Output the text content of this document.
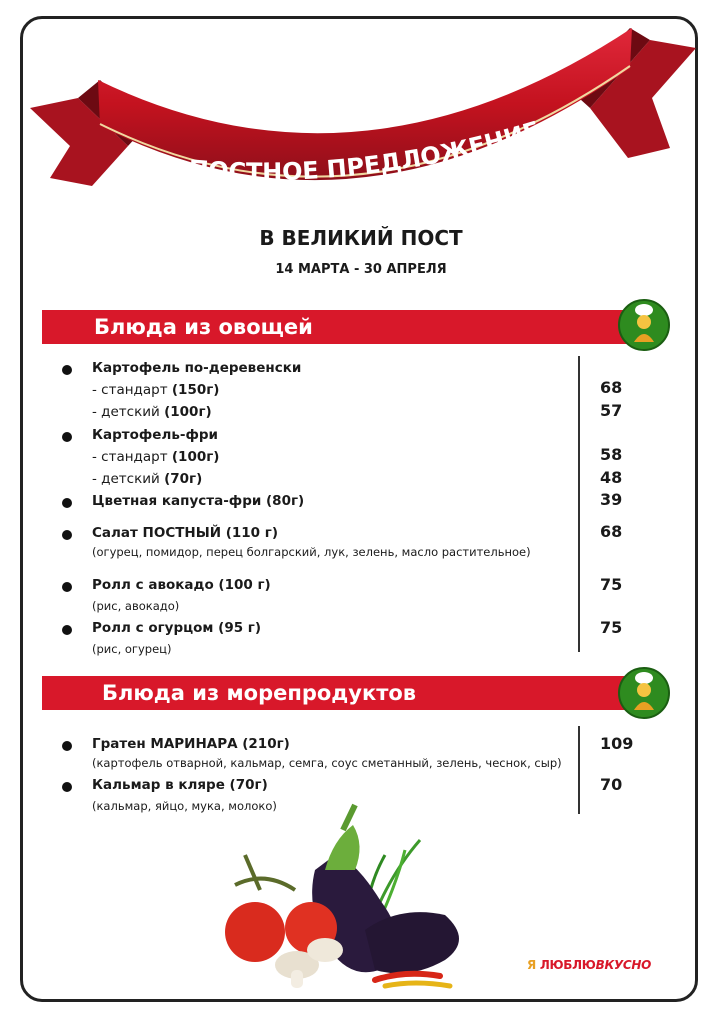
ПОСТНОЕ ПРЕДЛОЖЕНИЕ
В ВЕЛИКИЙ ПОСТ
14 МАРТА - 30 АПРЕЛЯ
Блюда из овощей
Картофель по-деревенски
- стандарт (150г)	68
- детский (100г)	57
Картофель-фри
- стандарт (100г)	58
- детский (70г)	48
Цветная капуста-фри (80г)	39
Салат ПОСТНЫЙ (110 г)	68
(огурец, помидор, перец болгарский, лук, зелень, масло растительное)
Ролл с авокадо (100 г)	75
(рис, авокадо)
Ролл с огурцом (95 г)	75
(рис, огурец)
Блюда из морепродуктов
Гратен МАРИНАРА (210г)	109
(картофель отварной, кальмар, семга, соус сметанный, зелень, чеснок, сыр)
Кальмар в кляре (70г)	70
(кальмар, яйцо, мука, молоко)
Я ЛЮБЛЮВКУСНО
